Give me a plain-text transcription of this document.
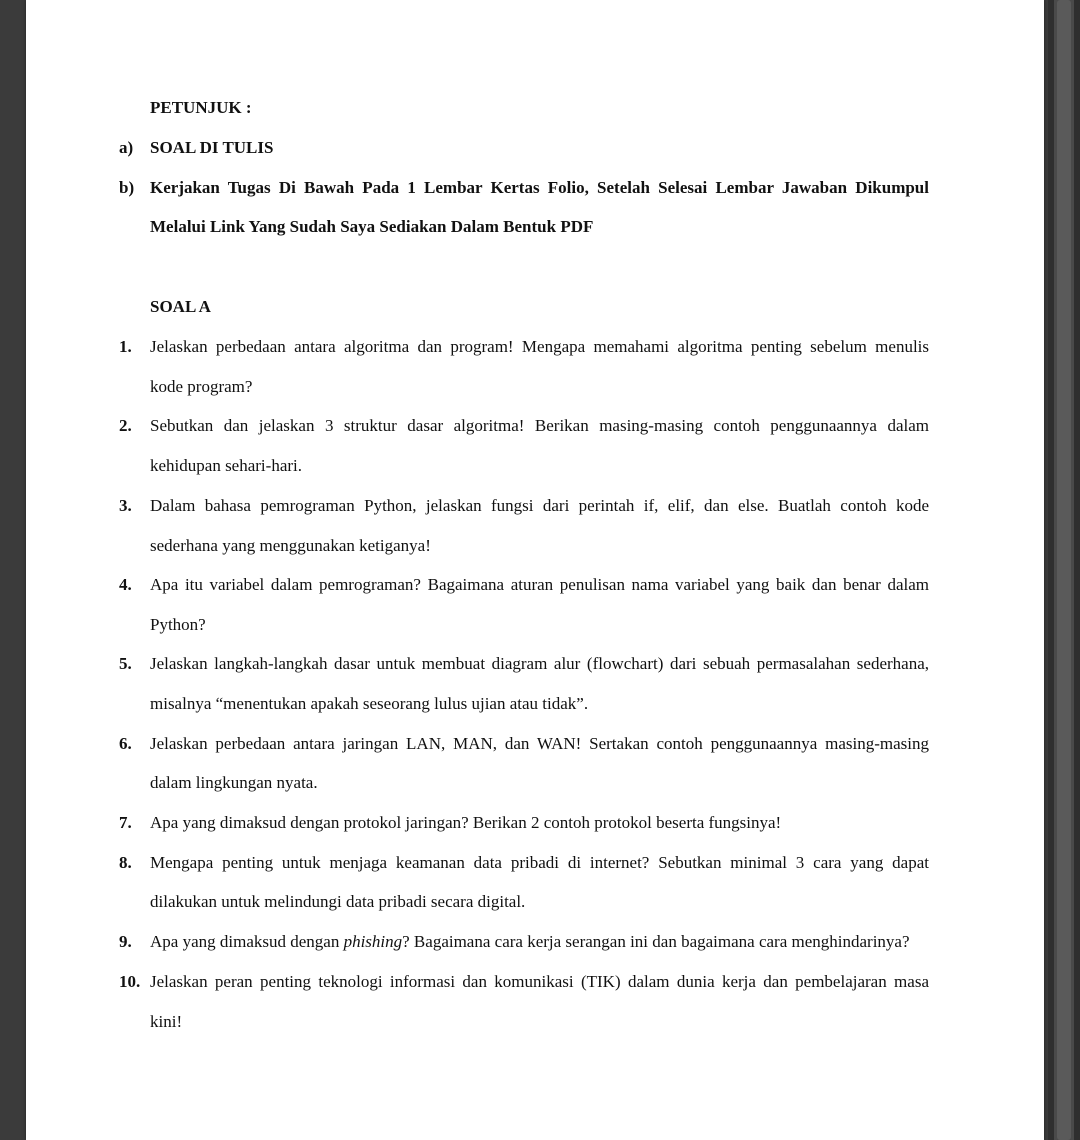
PETUNJUK :
a) SOAL DI TULIS
b) Kerjakan Tugas Di Bawah Pada 1 Lembar Kertas Folio, Setelah Selesai Lembar Jawaban Dikumpul
Melalui Link Yang Sudah Saya Sediakan Dalam Bentuk PDF
SOAL A
1. Jelaskan perbedaan antara algoritma dan program! Mengapa memahami algoritma penting sebelum menulis
kode program?
2. Sebutkan dan jelaskan 3 struktur dasar algoritma! Berikan masing-masing contoh penggunaannya dalam
kehidupan sehari-hari.
3. Dalam bahasa pemrograman Python, jelaskan fungsi dari perintah if, elif, dan else. Buatlah contoh kode
sederhana yang menggunakan ketiganya!
4. Apa itu variabel dalam pemrograman? Bagaimana aturan penulisan nama variabel yang baik dan benar dalam
Python?
5. Jelaskan langkah-langkah dasar untuk membuat diagram alur (flowchart) dari sebuah permasalahan sederhana,
misalnya “menentukan apakah seseorang lulus ujian atau tidak”.
6. Jelaskan perbedaan antara jaringan LAN, MAN, dan WAN! Sertakan contoh penggunaannya masing-masing
dalam lingkungan nyata.
7. Apa yang dimaksud dengan protokol jaringan? Berikan 2 contoh protokol beserta fungsinya!
8. Mengapa penting untuk menjaga keamanan data pribadi di internet? Sebutkan minimal 3 cara yang dapat
dilakukan untuk melindungi data pribadi secara digital.
9. Apa yang dimaksud dengan phishing? Bagaimana cara kerja serangan ini dan bagaimana cara menghindarinya?
10. Jelaskan peran penting teknologi informasi dan komunikasi (TIK) dalam dunia kerja dan pembelajaran masa
kini!
